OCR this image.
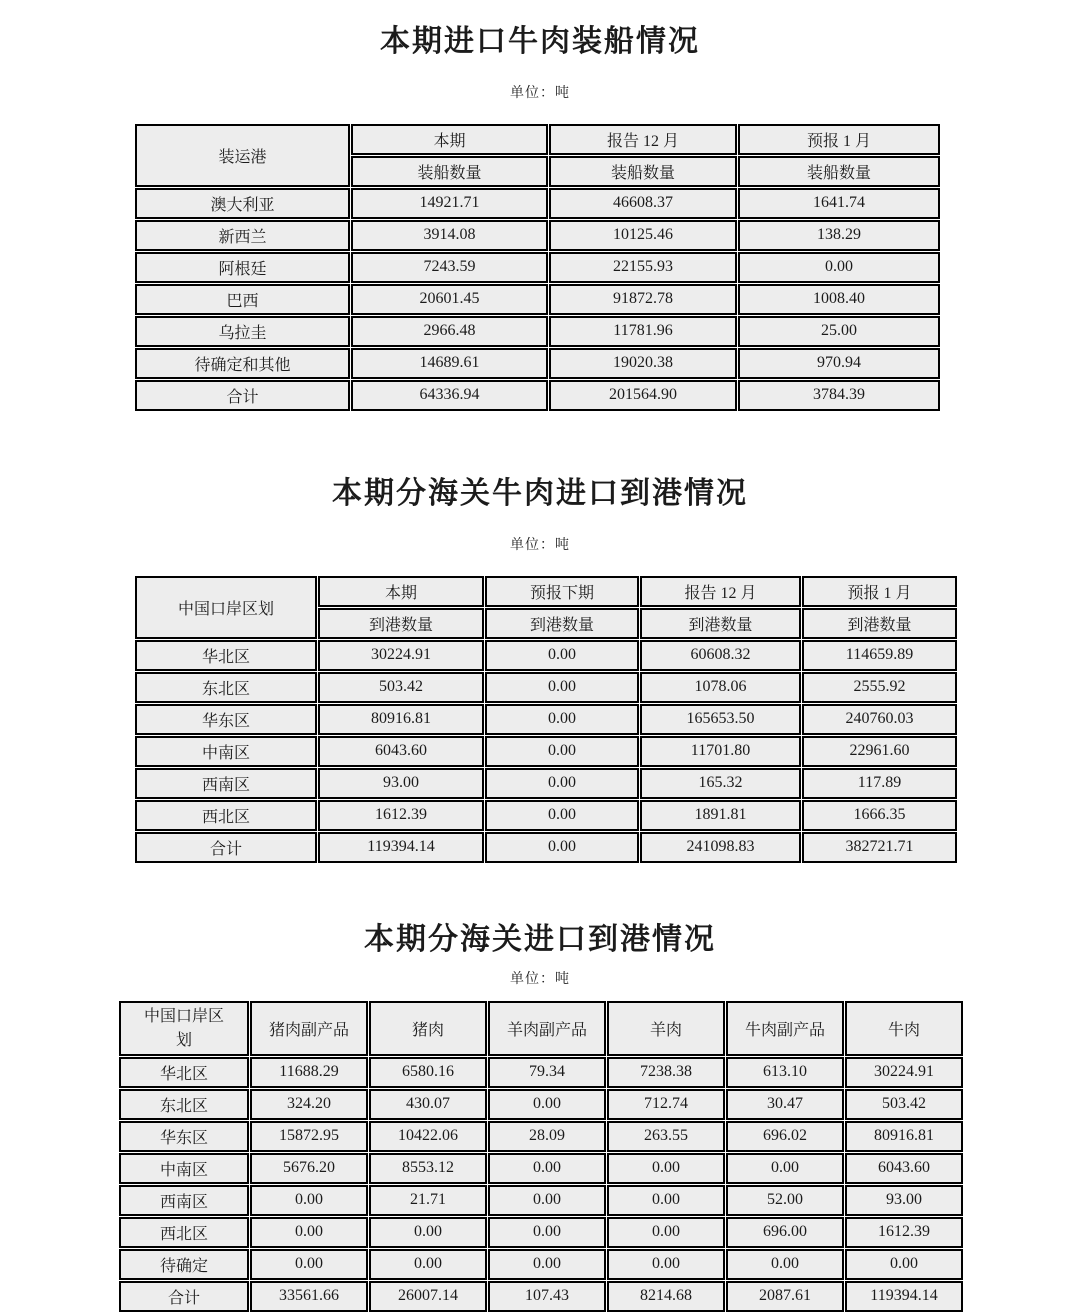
本期进口牛肉装船情况
单位：吨
装运港	本期	报告 12 月	预报 1 月
	装船数量	装船数量	装船数量
澳大利亚	14921.71	46608.37	1641.74
新西兰	3914.08	10125.46	138.29
阿根廷	7243.59	22155.93	0.00
巴西	20601.45	91872.78	1008.40
乌拉圭	2966.48	11781.96	25.00
待确定和其他	14689.61	19020.38	970.94
合计	64336.94	201564.90	3784.39
本期分海关牛肉进口到港情况
单位：吨
中国口岸区划	本期	预报下期	报告 12 月	预报 1 月
	到港数量	到港数量	到港数量	到港数量
华北区	30224.91	0.00	60608.32	114659.89
东北区	503.42	0.00	1078.06	2555.92
华东区	80916.81	0.00	165653.50	240760.03
中南区	6043.60	0.00	11701.80	22961.60
西南区	93.00	0.00	165.32	117.89
西北区	1612.39	0.00	1891.81	1666.35
合计	119394.14	0.00	241098.83	382721.71
本期分海关进口到港情况
单位：吨
中国口岸区划	猪肉副产品	猪肉	羊肉副产品	羊肉	牛肉副产品	牛肉
华北区	11688.29	6580.16	79.34	7238.38	613.10	30224.91
东北区	324.20	430.07	0.00	712.74	30.47	503.42
华东区	15872.95	10422.06	28.09	263.55	696.02	80916.81
中南区	5676.20	8553.12	0.00	0.00	0.00	6043.60
西南区	0.00	21.71	0.00	0.00	52.00	93.00
西北区	0.00	0.00	0.00	0.00	696.00	1612.39
待确定	0.00	0.00	0.00	0.00	0.00	0.00
合计	33561.66	26007.14	107.43	8214.68	2087.61	119394.14
